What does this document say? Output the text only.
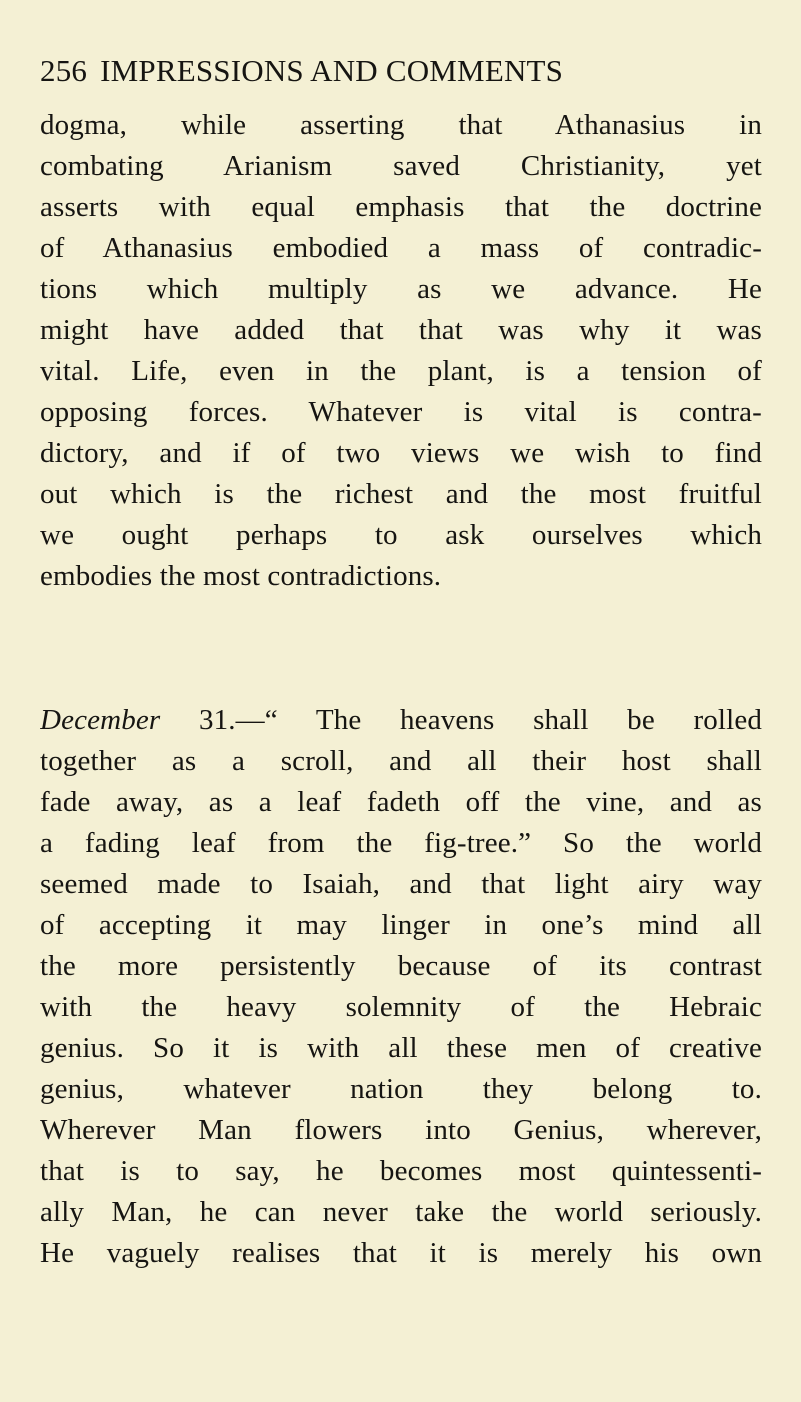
256 IMPRESSIONS AND COMMENTS
dogma, while asserting that Athanasius in
combating Arianism saved Christianity, yet
asserts with equal emphasis that the doctrine
of Athanasius embodied a mass of contradic-
tions which multiply as we advance. He
might have added that that was why it was
vital. Life, even in the plant, is a tension of
opposing forces. Whatever is vital is contra-
dictory, and if of two views we wish to find
out which is the richest and the most fruitful
we ought perhaps to ask ourselves which
embodies the most contradictions.
December 31.—“ The heavens shall be rolled
together as a scroll, and all their host shall
fade away, as a leaf fadeth off the vine, and as
a fading leaf from the fig-tree.” So the world
seemed made to Isaiah, and that light airy way
of accepting it may linger in one’s mind all
the more persistently because of its contrast
with the heavy solemnity of the Hebraic
genius. So it is with all these men of creative
genius, whatever nation they belong to.
Wherever Man flowers into Genius, wherever,
that is to say, he becomes most quintessenti-
ally Man, he can never take the world seriously.
He vaguely realises that it is merely his own
